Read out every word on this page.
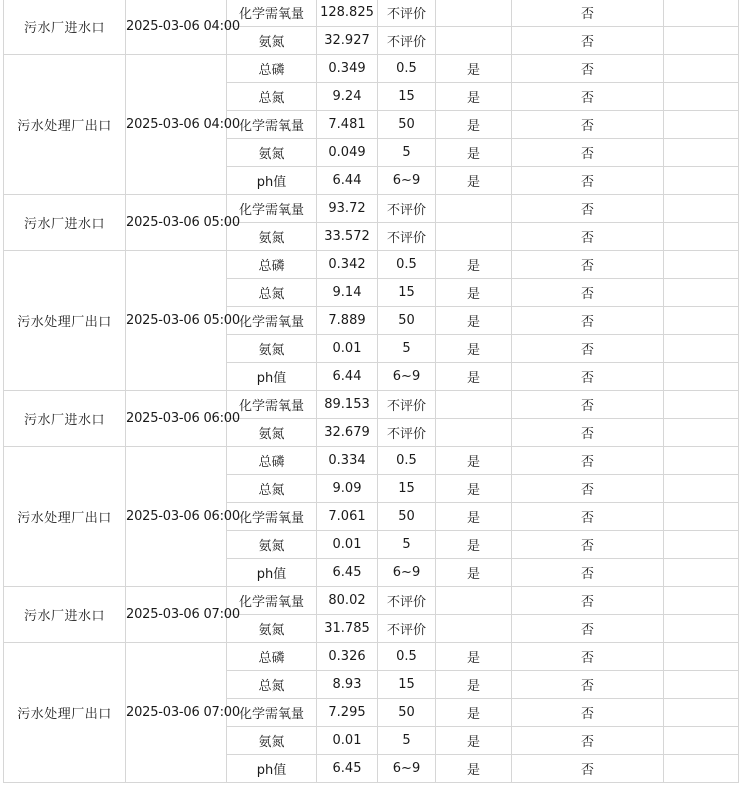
污水厂进水口	2025-03-06 04:00	化学需氧量	128.825	不评价		否	
		氨氮	32.927	不评价		否	
污水处理厂出口	2025-03-06 04:00	总磷	0.349	0.5	是	否	
		总氮	9.24	15	是	否	
		化学需氧量	7.481	50	是	否	
		氨氮	0.049	5	是	否	
		ph值	6.44	6~9	是	否	
污水厂进水口	2025-03-06 05:00	化学需氧量	93.72	不评价		否	
		氨氮	33.572	不评价		否	
污水处理厂出口	2025-03-06 05:00	总磷	0.342	0.5	是	否	
		总氮	9.14	15	是	否	
		化学需氧量	7.889	50	是	否	
		氨氮	0.01	5	是	否	
		ph值	6.44	6~9	是	否	
污水厂进水口	2025-03-06 06:00	化学需氧量	89.153	不评价		否	
		氨氮	32.679	不评价		否	
污水处理厂出口	2025-03-06 06:00	总磷	0.334	0.5	是	否	
		总氮	9.09	15	是	否	
		化学需氧量	7.061	50	是	否	
		氨氮	0.01	5	是	否	
		ph值	6.45	6~9	是	否	
污水厂进水口	2025-03-06 07:00	化学需氧量	80.02	不评价		否	
		氨氮	31.785	不评价		否	
污水处理厂出口	2025-03-06 07:00	总磷	0.326	0.5	是	否	
		总氮	8.93	15	是	否	
		化学需氧量	7.295	50	是	否	
		氨氮	0.01	5	是	否	
		ph值	6.45	6~9	是	否	
